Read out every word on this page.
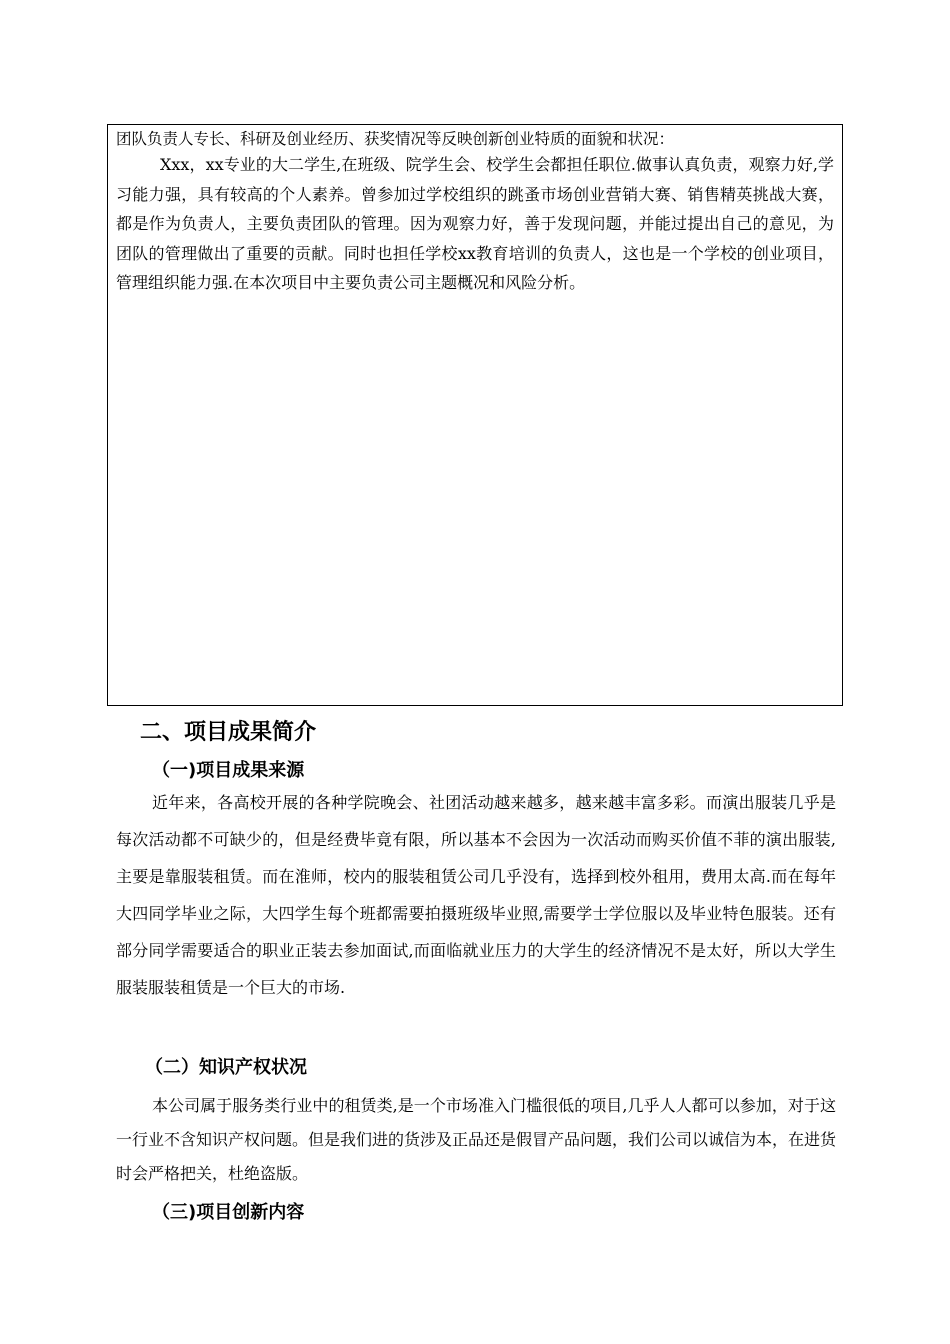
团队负责人专长、科研及创业经历、获奖情况等反映创新创业特质的面貌和状况：

Xxx，xx专业的大二学生,在班级、院学生会、校学生会都担任职位.做事认真负责，观察力好,学习能力强，具有较高的个人素养。曾参加过学校组织的跳蚤市场创业营销大赛、销售精英挑战大赛，都是作为负责人，主要负责团队的管理。因为观察力好，善于发现问题，并能过提出自己的意见，为团队的管理做出了重要的贡献。同时也担任学校xx教育培训的负责人，这也是一个学校的创业项目，管理组织能力强.在本次项目中主要负责公司主题概况和风险分析。

二、项目成果简介
（一)项目成果来源

近年来，各高校开展的各种学院晚会、社团活动越来越多，越来越丰富多彩。而演出服装几乎是每次活动都不可缺少的，但是经费毕竟有限，所以基本不会因为一次活动而购买价值不菲的演出服装,主要是靠服装租赁。而在淮师，校内的服装租赁公司几乎没有，选择到校外租用，费用太高.而在每年大四同学毕业之际，大四学生每个班都需要拍摄班级毕业照,需要学士学位服以及毕业特色服装。还有部分同学需要适合的职业正装去参加面试,而面临就业压力的大学生的经济情况不是太好，所以大学生服装服装租赁是一个巨大的市场.

（二）知识产权状况

本公司属于服务类行业中的租赁类,是一个市场准入门槛很低的项目,几乎人人都可以参加，对于这一行业不含知识产权问题。但是我们进的货涉及正品还是假冒产品问题，我们公司以诚信为本，在进货时会严格把关，杜绝盗版。

（三)项目创新内容
